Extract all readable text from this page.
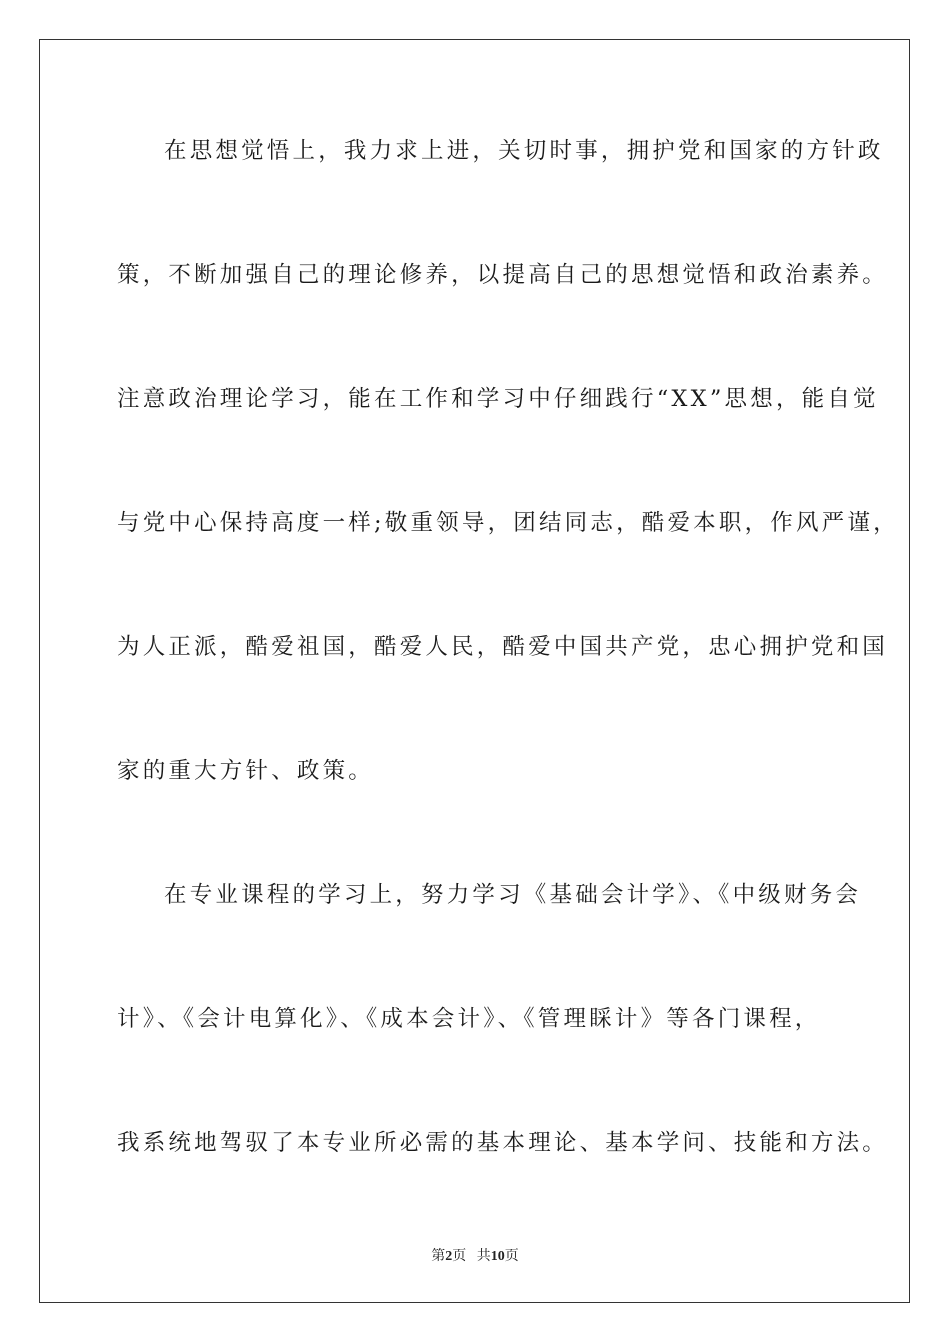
在思想觉悟上，我力求上进，关切时事，拥护党和国家的方针政
策，不断加强自己的理论修养，以提高自己的思想觉悟和政治素养。
注意政治理论学习，能在工作和学习中仔细践行“XX”思想，能自觉
与党中心保持高度一样;敬重领导，团结同志，酷爱本职，作风严谨，
为人正派，酷爱祖国，酷爱人民，酷爱中国共产党，忠心拥护党和国
家的重大方针、政策。
在专业课程的学习上，努力学习《基础会计学》、《中级财务会
计》、《会计电算化》、《成本会计》、《管理睬计》等各门课程，
我系统地驾驭了本专业所必需的基本理论、基本学问、技能和方法。
第2页 共10页
